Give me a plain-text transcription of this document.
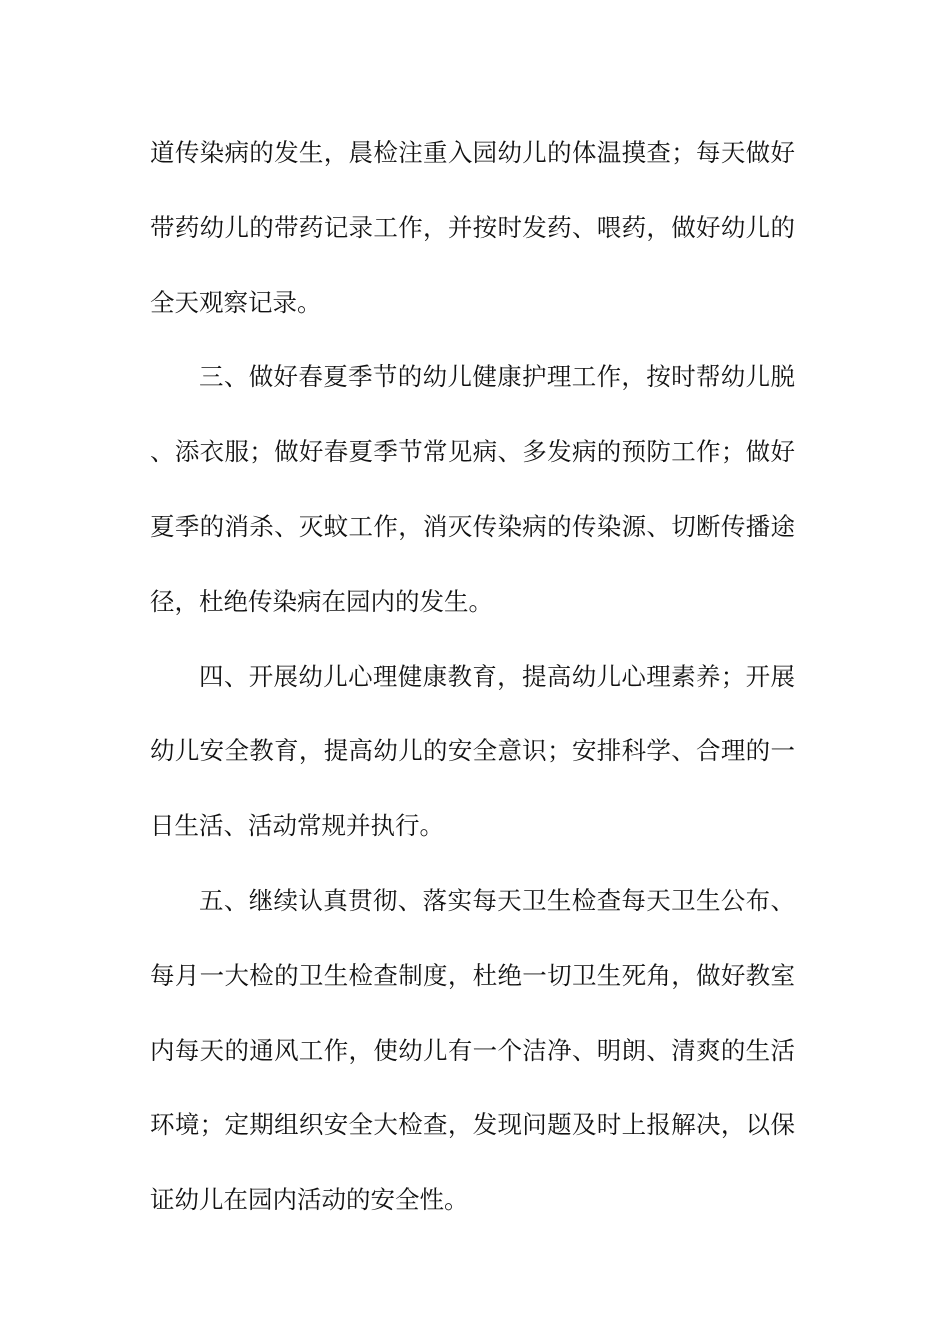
道传染病的发生，晨检注重入园幼儿的体温摸查；每天做好带药幼儿的带药记录工作，并按时发药、喂药，做好幼儿的全天观察记录。

三、做好春夏季节的幼儿健康护理工作，按时帮幼儿脱、添衣服；做好春夏季节常见病、多发病的预防工作；做好夏季的消杀、灭蚊工作，消灭传染病的传染源、切断传播途径，杜绝传染病在园内的发生。

四、开展幼儿心理健康教育，提高幼儿心理素养；开展幼儿安全教育，提高幼儿的安全意识；安排科学、合理的一日生活、活动常规并执行。

五、继续认真贯彻、落实每天卫生检查每天卫生公布、每月一大检的卫生检查制度，杜绝一切卫生死角，做好教室内每天的通风工作，使幼儿有一个洁净、明朗、清爽的生活环境；定期组织安全大检查，发现问题及时上报解决，以保证幼儿在园内活动的安全性。
